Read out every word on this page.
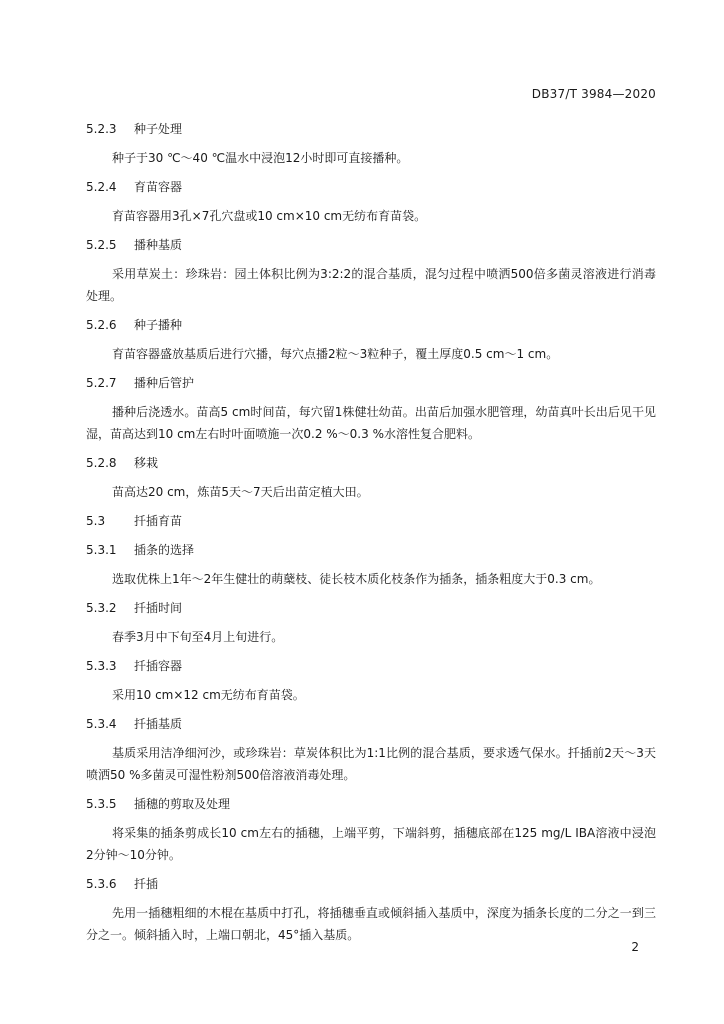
DB37/T 3984—2020
5.2.3 种子处理

种子于30 ℃～40 ℃温水中浸泡12小时即可直接播种。

5.2.4 育苗容器

育苗容器用3孔×7孔穴盘或10 cm×10 cm无纺布育苗袋。

5.2.5 播种基质

采用草炭土：珍珠岩：园土体积比例为3:2:2的混合基质，混匀过程中喷洒500倍多菌灵溶液进行消毒处理。

5.2.6 种子播种

育苗容器盛放基质后进行穴播，每穴点播2粒～3粒种子，覆土厚度0.5 cm～1 cm。

5.2.7 播种后管护

播种后浇透水。苗高5 cm时间苗，每穴留1株健壮幼苗。出苗后加强水肥管理，幼苗真叶长出后见干见湿，苗高达到10 cm左右时叶面喷施一次0.2 %～0.3 %水溶性复合肥料。

5.2.8 移栽

苗高达20 cm，炼苗5天～7天后出苗定植大田。

5.3 扦插育苗
5.3.1 插条的选择

选取优株上1年～2年生健壮的萌蘖枝、徒长枝木质化枝条作为插条，插条粗度大于0.3 cm。

5.3.2 扦插时间

春季3月中下旬至4月上旬进行。

5.3.3 扦插容器

采用10 cm×12 cm无纺布育苗袋。

5.3.4 扦插基质

基质采用洁净细河沙，或珍珠岩：草炭体积比为1:1比例的混合基质，要求透气保水。扦插前2天～3天喷洒50 %多菌灵可湿性粉剂500倍溶液消毒处理。

5.3.5 插穗的剪取及处理

将采集的插条剪成长10 cm左右的插穗，上端平剪，下端斜剪，插穗底部在125 mg/L IBA溶液中浸泡2分钟～10分钟。

5.3.6 扦插

先用一插穗粗细的木棍在基质中打孔，将插穗垂直或倾斜插入基质中，深度为插条长度的二分之一到三分之一。倾斜插入时，上端口朝北，45°插入基质。

2
